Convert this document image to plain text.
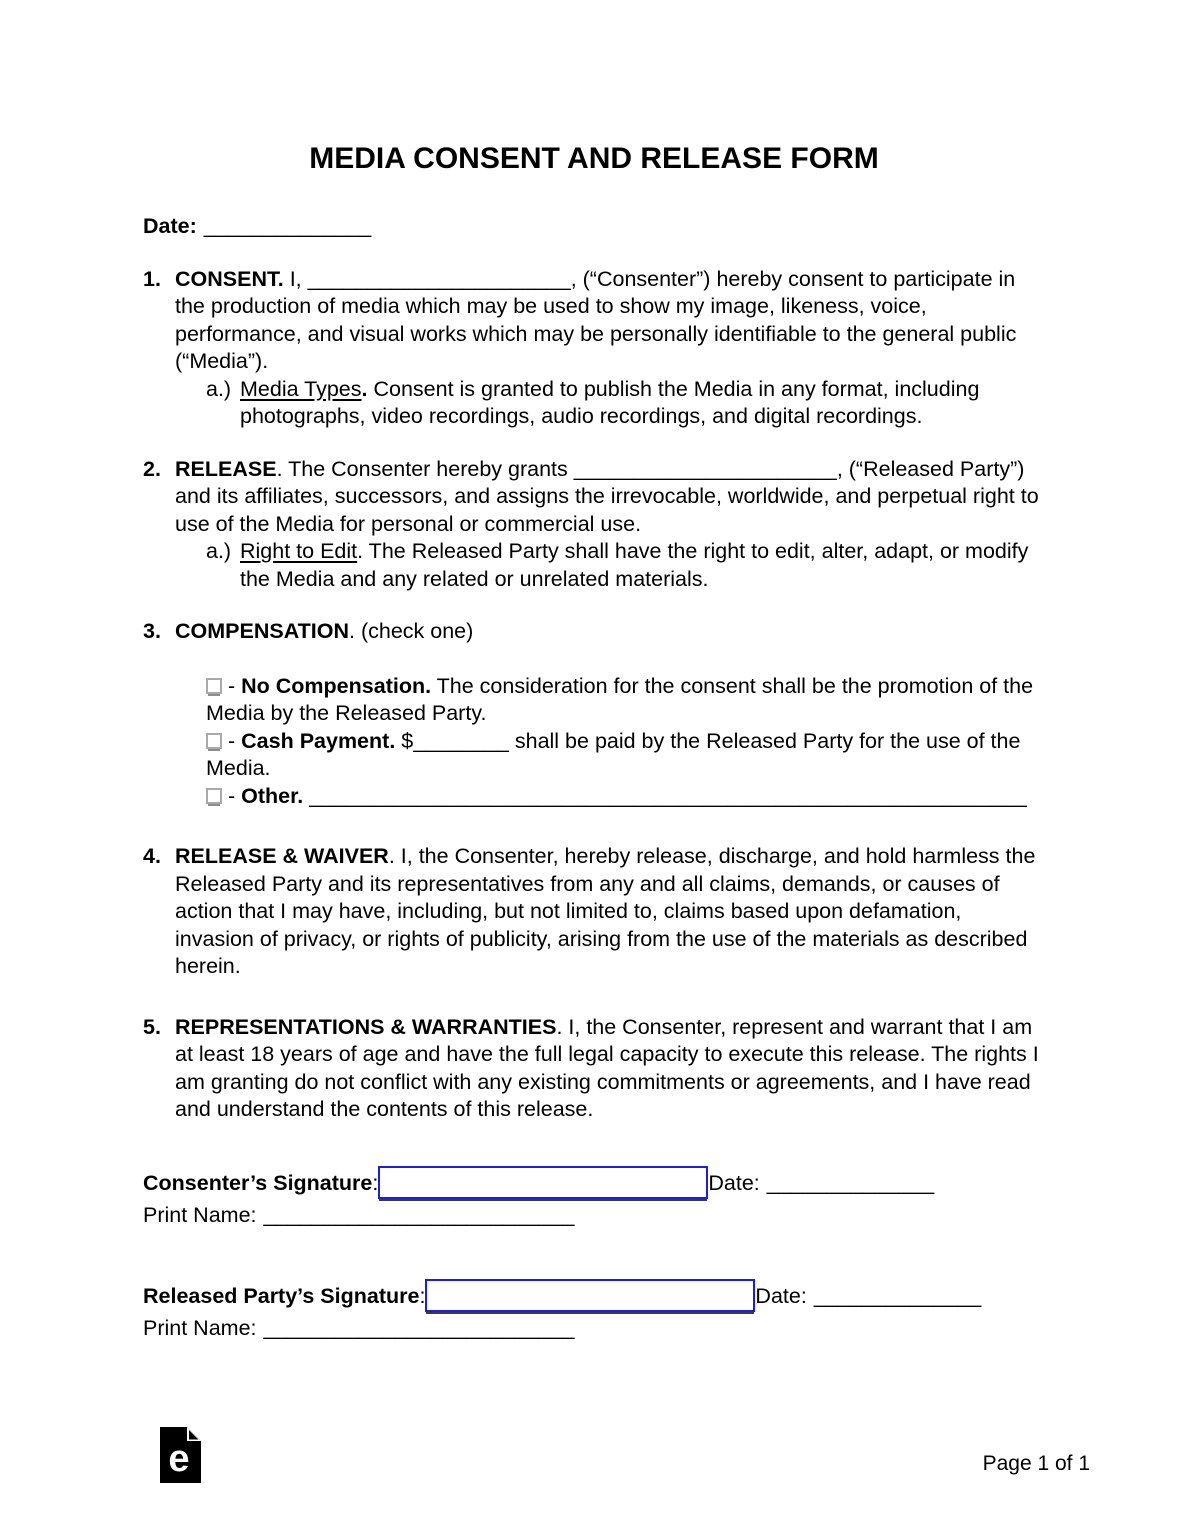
MEDIA CONSENT AND RELEASE FORM
Date: ______________
1. CONSENT. I, ______________________, (“Consenter”) hereby consent to participate in the production of media which may be used to show my image, likeness, voice, performance, and visual works which may be personally identifiable to the general public (“Media”).

a.) Media Types. Consent is granted to publish the Media in any format, including photographs, video recordings, audio recordings, and digital recordings.

2. RELEASE. The Consenter hereby grants ______________________, (“Released Party”) and its affiliates, successors, and assigns the irrevocable, worldwide, and perpetual right to use of the Media for personal or commercial use.

a.) Right to Edit. The Released Party shall have the right to edit, alter, adapt, or modify the Media and any related or unrelated materials.

3. COMPENSATION. (check one)

- No Compensation. The consideration for the consent shall be the promotion of the Media by the Released Party.
- Cash Payment. $________ shall be paid by the Released Party for the use of the Media.
- Other. ____________________________________________________________
4. RELEASE & WAIVER. I, the Consenter, hereby release, discharge, and hold harmless the Released Party and its representatives from any and all claims, demands, or causes of action that I may have, including, but not limited to, claims based upon defamation, invasion of privacy, or rights of publicity, arising from the use of the materials as described herein.

5. REPRESENTATIONS & WARRANTIES. I, the Consenter, represent and warrant that I am at least 18 years of age and have the full legal capacity to execute this release. The rights I am granting do not conflict with any existing commitments or agreements, and I have read and understand the contents of this release.

Consenter’s Signature:	Date: ______________
Print Name: __________________________
Released Party’s Signature:	Date: ______________
Print Name: __________________________
e	Page 1 of 1
